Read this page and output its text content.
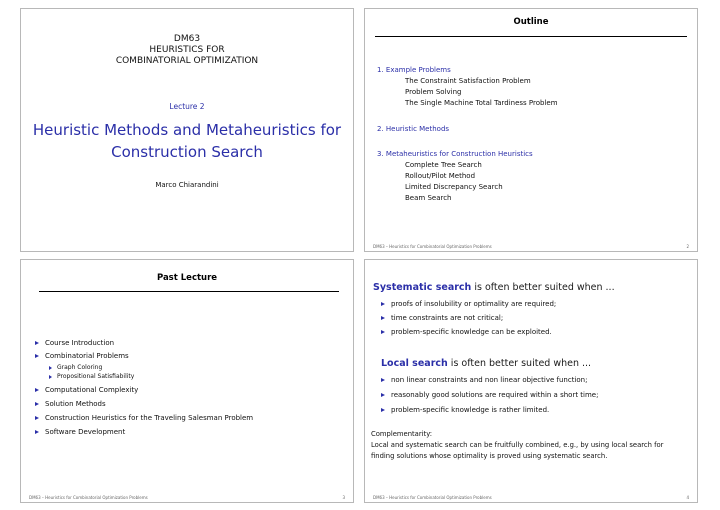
DM63
HEURISTICS FOR
COMBINATORIAL OPTIMIZATION
Lecture 2
Heuristic Methods and Metaheuristics for
Construction Search
Marco Chiarandini
Outline
1. Example Problems
The Constraint Satisfaction Problem
Problem Solving
The Single Machine Total Tardiness Problem
2. Heuristic Methods
3. Metaheuristics for Construction Heuristics
Complete Tree Search
Rollout/Pilot Method
Limited Discrepancy Search
Beam Search
DM63 – Heuristics for Combinatorial Optimization Problems	2
Past Lecture
Course Introduction
Combinatorial Problems
Graph Coloring
Propositional Satisfiability
Computational Complexity
Solution Methods
Construction Heuristics for the Traveling Salesman Problem
Software Development
DM63 – Heuristics for Combinatorial Optimization Problems	3
Systematic search is often better suited when ...
proofs of insolubility or optimality are required;
time constraints are not critical;
problem-specific knowledge can be exploited.
Local search is often better suited when ...
non linear constraints and non linear objective function;
reasonably good solutions are required within a short time;
problem-specific knowledge is rather limited.
Complementarity:
Local and systematic search can be fruitfully combined, e.g., by using local search for finding solutions whose optimality is proved using systematic search.
DM63 – Heuristics for Combinatorial Optimization Problems	4
